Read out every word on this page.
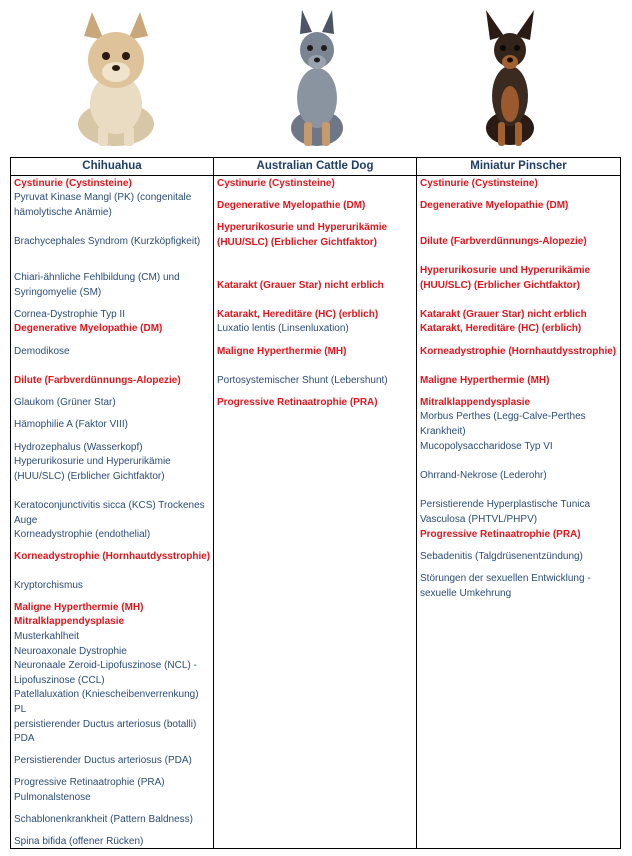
Chihuahua	Australian Cattle Dog	Miniatur Pinscher
Cystinurie (Cystinsteine)
Pyruvat Kinase Mangl (PK) (congenitale hämolytische Anämie)
Brachycephales Syndrom (Kurzköpfigkeit)
Chiari-ähnliche Fehlbildung (CM) und Syringomyelie (SM)
Cornea-Dystrophie Typ II
Degenerative Myelopathie (DM)
Demodikose
Dilute (Farbverdünnungs-Alopezie)
Glaukom (Grüner Star)
Hämophilie A (Faktor VIII)
Hydrozephalus (Wasserkopf)
Hyperurikosurie und Hyperurikämie (HUU/SLC) (Erblicher Gichtfaktor)
Keratoconjunctivitis sicca (KCS) Trockenes Auge
Korneadystrophie (endothelial)
Korneadystrophie (Hornhautdysstrophie)
Kryptorchismus
Maligne Hyperthermie (MH)
Mitralklappendysplasie
Musterkahlheit
Neuroaxonale Dystrophie
Neuronaale Zeroid-Lipofuszinose (NCL) - Lipofuszinose (CCL)
Patellaluxation (Kniescheibenverrenkung)
PL
persistierender Ductus arteriosus (botalli)
PDA
Persistierender Ductus arteriosus (PDA)
Progressive Retinaatrophie (PRA)
Pulmonalstenose
Schablonenkrankheit (Pattern Baldness)
Spina bifida (offener Rücken)
Cystinurie (Cystinsteine)
Degenerative Myelopathie (DM)
Hyperurikosurie und Hyperurikämie (HUU/SLC) (Erblicher Gichtfaktor)
Katarakt (Grauer Star) nicht erblich
Katarakt, Hereditäre (HC) (erblich)
Luxatio lentis (Linsenluxation)
Maligne Hyperthermie (MH)
Portosystemischer Shunt (Lebershunt)
Progressive Retinaatrophie (PRA)
Cystinurie (Cystinsteine)
Degenerative Myelopathie (DM)
Dilute (Farbverdünnungs-Alopezie)
Hyperurikosurie und Hyperurikämie (HUU/SLC) (Erblicher Gichtfaktor)
Katarakt (Grauer Star) nicht erblich
Katarakt, Hereditäre (HC) (erblich)
Korneadystrophie (Hornhautdysstrophie)
Maligne Hyperthermie (MH)
Mitralklappendysplasie
Morbus Perthes (Legg-Calve-Perthes Krankheit)
Mucopolysaccharidose Typ VI
Ohrrand-Nekrose (Lederohr)
Persistierende Hyperplastische Tunica Vasculosa (PHTVL/PHPV)
Progressive Retinaatrophie (PRA)
Sebadenitis (Talgdrüsenentzündung)
Störungen der sexuellen Entwicklung - sexuelle Umkehrung
